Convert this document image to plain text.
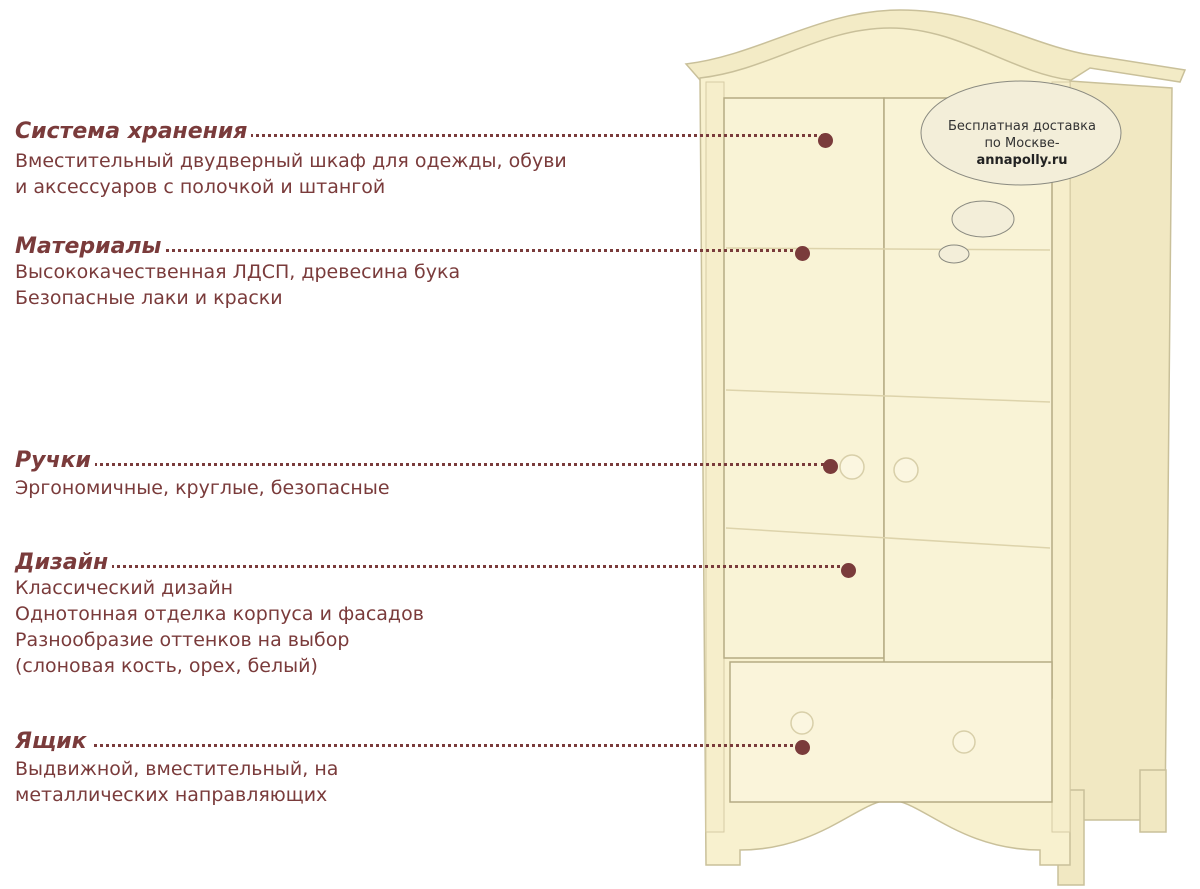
Бесплатная доставка
по Москве-
annapolly.ru
Система хранения
Вместительный двудверный шкаф для одежды, обуви
и аксессуаров с полочкой и штангой
Материалы
Высококачественная ЛДСП, древесина бука
Безопасные лаки и краски
Ручки
Эргономичные, круглые, безопасные
Дизайн
Классический дизайн
Однотонная отделка корпуса и фасадов
Разнообразие оттенков на выбор
(слоновая кость, орех, белый)
Ящик
Выдвижной, вместительный, на
металлических направляющих
